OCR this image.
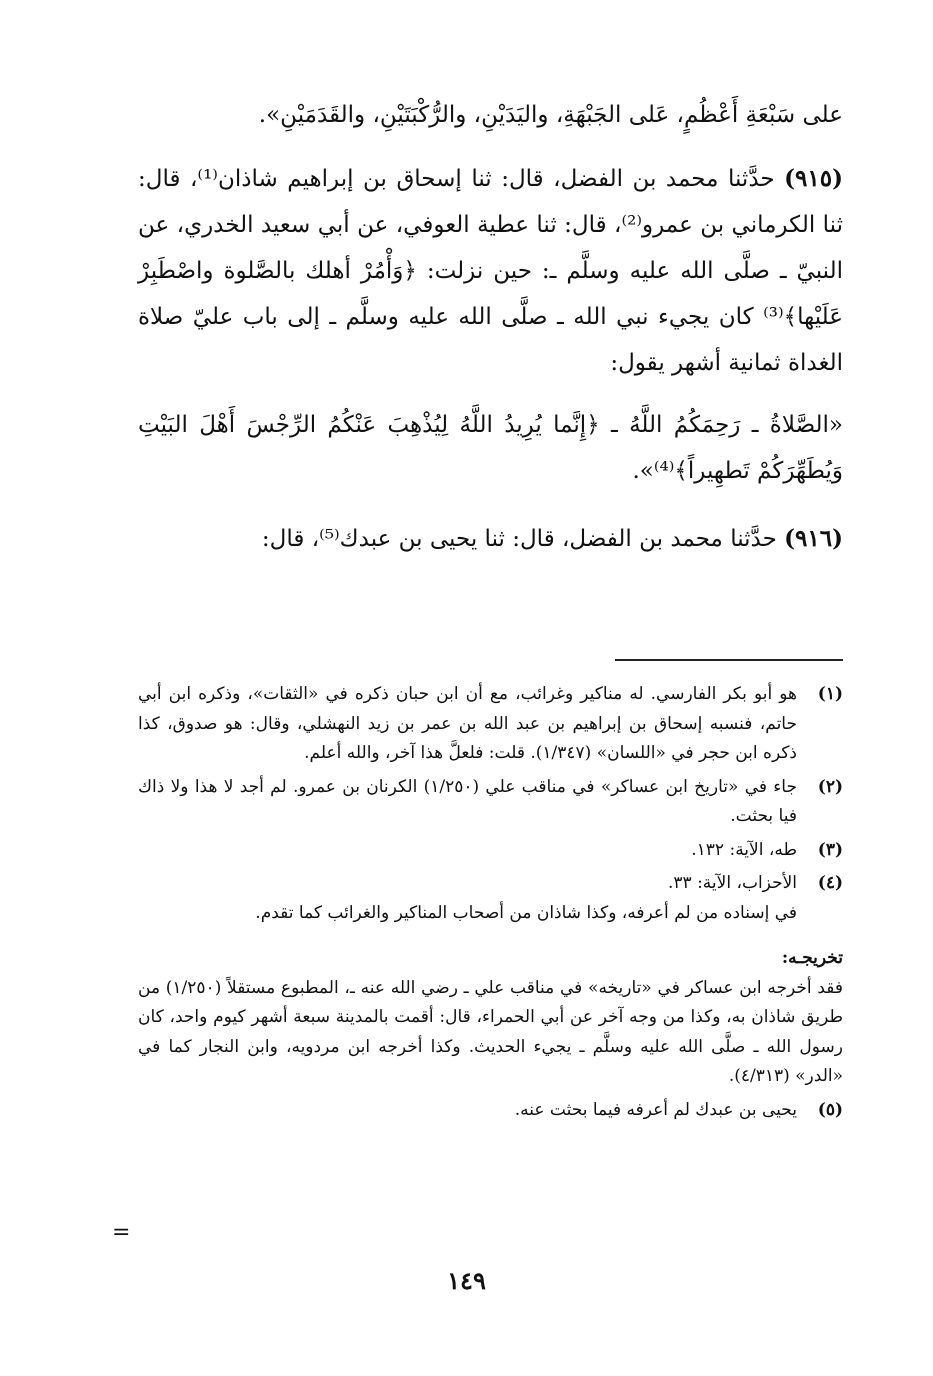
على سَبْعَةِ أَعْظُمٍ، عَلى الجَبْهَةِ، واليَدَيْنِ، والرُّكْبَتَيْنِ، والقَدَمَيْنِ».

(٩١٥) حدَّثنا محمد بن الفضل، قال: ثنا إسحاق بن إبراهيم شاذان⁽¹⁾، قال: ثنا الكرماني بن عمرو⁽²⁾، قال: ثنا عطية العوفي، عن أبي سعيد الخدري، عن النبيّ ـ صلَّى الله عليه وسلَّم ـ: حين نزلت: ﴿وَأْمُرْ أهلك بالصَّلوة واصْطَبِرْ عَلَيْها﴾⁽³⁾ كان يجيء نبي الله ـ صلَّى الله عليه وسلَّم ـ إلى باب عليّ صلاة الغداة ثمانية أشهر يقول:

«الصَّلاةُ ـ رَحِمَكُمُ اللَّهُ ـ ﴿إِنَّما يُرِيدُ اللَّهُ لِيُذْهِبَ عَنْكُمُ الرِّجْسَ أَهْلَ البَيْتِ وَيُطَهِّرَكُمْ تَطهِيراً﴾⁽⁴⁾».

(٩١٦) حدَّثنا محمد بن الفضل، قال: ثنا يحيى بن عبدك⁽⁵⁾، قال:

(١)
هو أبو بكر الفارسي. له مناكير وغرائب، مع أن ابن حبان ذكره في «الثقات»، وذكره ابن أبي حاتم، فنسبه إسحاق بن إبراهيم بن عبد الله بن عمر بن زيد النهشلي، وقال: هو صدوق، كذا ذكره ابن حجر في «اللسان» (١/٣٤٧). قلت: فلعلَّ هذا آخر، والله أعلم.
(٢)
جاء في «تاريخ ابن عساكر» في مناقب علي (١/٢٥٠) الكرنان بن عمرو. لم أجد لا هذا ولا ذاك فيا بحثت.
(٣)
طه، الآية: ١٣٢.
(٤)
الأحزاب، الآية: ٣٣.
في إسناده من لم أعرفه، وكذا شاذان من أصحاب المناكير والغرائب كما تقدم.
تخريجـه:
فقد أخرجه ابن عساكر في «تاريخه» في مناقب علي ـ رضي الله عنه ـ، المطبوع مستقلاً (١/٢٥٠) من طريق شاذان به، وكذا من وجه آخر عن أبي الحمراء، قال: أقمت بالمدينة سبعة أشهر كيوم واحد، كان رسول الله ـ صلَّى الله عليه وسلَّم ـ يجيء الحديث. وكذا أخرجه ابن مردويه، وابن النجار كما في «الدر» (٤/٣١٣).
(٥)
يحيى بن عبدك لم أعرفه فيما بحثت عنه.
=
١٤٩
